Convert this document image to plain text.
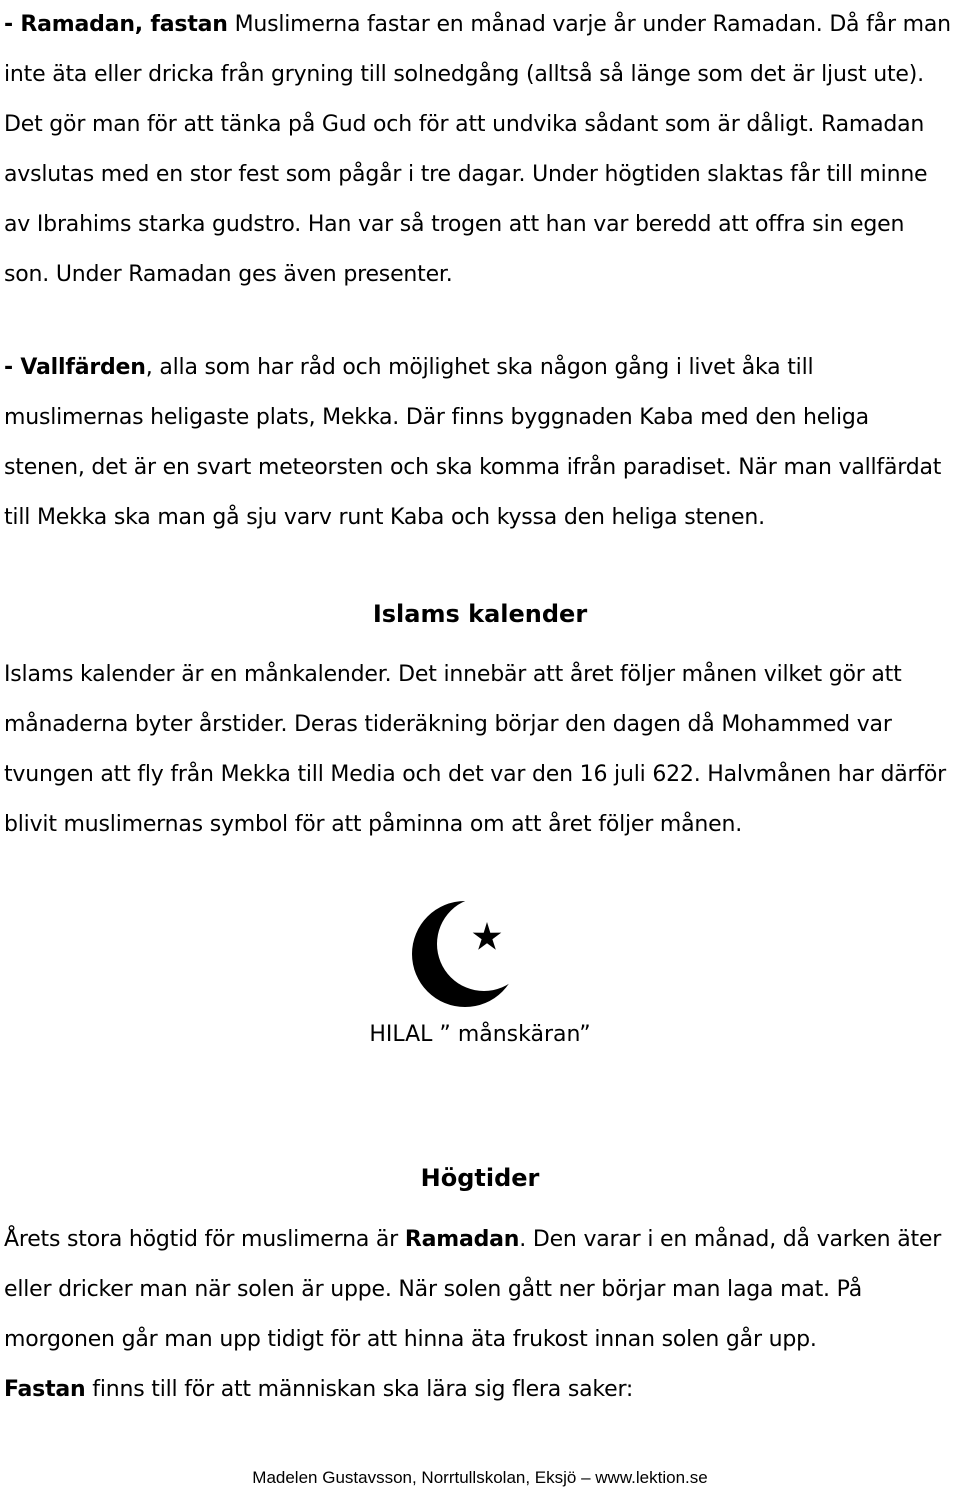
- Ramadan, fastan Muslimerna fastar en månad varje år under Ramadan. Då får man inte äta eller dricka från gryning till solnedgång (alltså så länge som det är ljust ute). Det gör man för att tänka på Gud och för att undvika sådant som är dåligt. Ramadan avslutas med en stor fest som pågår i tre dagar. Under högtiden slaktas får till minne av Ibrahims starka gudstro. Han var så trogen att han var beredd att offra sin egen son. Under Ramadan ges även presenter.

- Vallfärden, alla som har råd och möjlighet ska någon gång i livet åka till muslimernas heligaste plats, Mekka. Där finns byggnaden Kaba med den heliga stenen, det är en svart meteorsten och ska komma ifrån paradiset. När man vallfärdat till Mekka ska man gå sju varv runt Kaba och kyssa den heliga stenen.

Islams kalender

Islams kalender är en månkalender. Det innebär att året följer månen vilket gör att månaderna byter årstider. Deras tideräkning börjar den dagen då Mohammed var tvungen att fly från Mekka till Media och det var den 16 juli 622. Halvmånen har därför blivit muslimernas symbol för att påminna om att året följer månen.

HILAL ” månskäran”
Högtider

Årets stora högtid för muslimerna är Ramadan. Den varar i en månad, då varken äter eller dricker man när solen är uppe. När solen gått ner börjar man laga mat. På morgonen går man upp tidigt för att hinna äta frukost innan solen går upp.
Fastan finns till för att människan ska lära sig flera saker:

Madelen Gustavsson, Norrtullskolan, Eksjö – www.lektion.se
